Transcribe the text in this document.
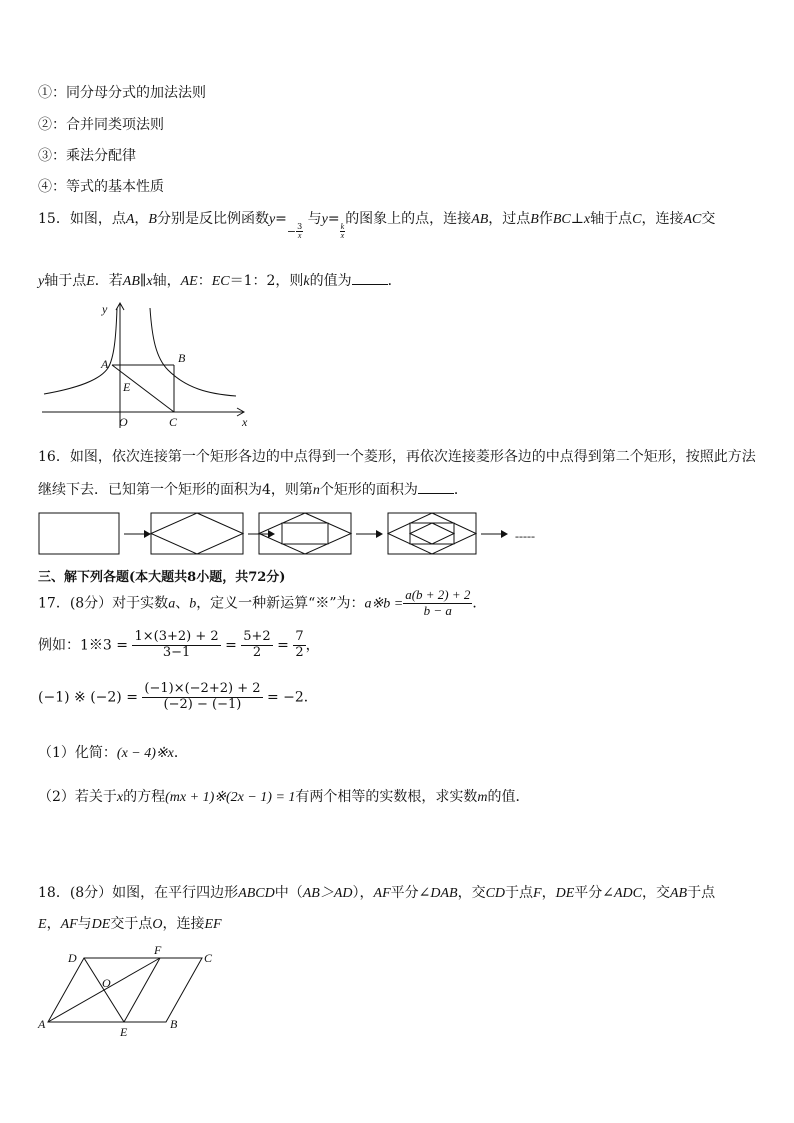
①：同分母分式的加法法则
②：合并同类项法则
③：乘法分配律
④：等式的基本性质
15．如图，点A，B分别是反比例函数$y=_- \frac{3}{x}$
与y=
$\frac{k}{x}$
的图象上的点，连接AB，过点B作BC⊥x轴于点C，连接AC交
y轴于点E．若AB∥x轴，AE：EC＝1：2，则k的值为	．
y
x
A	B
E
O	C
16．如图，依次连接第一个矩形各边的中点得到一个菱形，再依次连接菱形各边的中点得到第二个矩形，按照此方法
继续下去．已知第一个矩形的面积为4，则第n个矩形的面积为	．
-----
三、解下列各题(本大题共8小题，共72分)
17．(8分）对于实数a、b，定义一种新运算“※”为：a※b = $\frac{a(b + 2) + 2}{b - a}$ ．
例如：1※3 = $\frac{1\times(3+2) + 2}{3-1} = \frac{5+2}{2} = \frac{7}{2}$ ，
(−1) ※ $(-2) = \frac{(-1)\times(-2+2) + 2}{(-2) - (-1)} = -2$．
（1）化简：(x − 4)※x．
（2）若关于x的方程(mx + 1)※(2x − 1) = 1有两个相等的实数根，求实数m的值．
18．(8分）如图，在平行四边形ABCD中（AB＞AD），AF平分∠DAB，交CD于点F，DE平分∠ADC，交AB于点
E，AF与DE交于点O，连接EF
D
F
C
O
A
E
B
